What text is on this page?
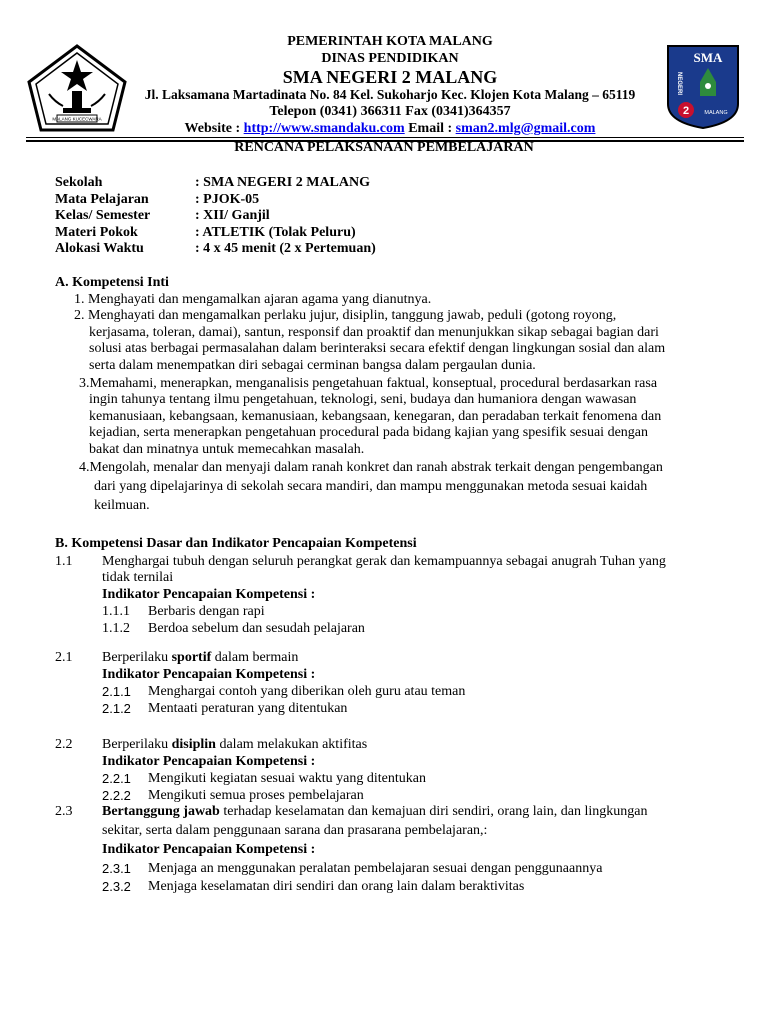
MALANG KUCECWARA
SMA
NEGERI
2	MALANG
PEMERINTAH KOTA MALANG
DINAS PENDIDIKAN
SMA NEGERI 2 MALANG
Jl. Laksamana Martadinata No. 84 Kel. Sukoharjo Kec. Klojen Kota Malang – 65119
Telepon (0341) 366311 Fax (0341)364357
Website : http://www.smandaku.com Email : sman2.mlg@gmail.com
RENCANA PELAKSANAAN PEMBELAJARAN
Sekolah	: SMA NEGERI 2 MALANG
Mata Pelajaran	: PJOK-05
Kelas/ Semester	: XII/ Ganjil
Materi Pokok	: ATLETIK (Tolak Peluru)
Alokasi Waktu	: 4 x 45 menit (2 x Pertemuan)
A. Kompetensi Inti
1. Menghayati dan mengamalkan ajaran agama yang dianutnya.
2. Menghayati dan mengamalkan perlaku jujur, disiplin, tanggung jawab, peduli (gotong royong,
kerjasama, toleran, damai), santun, responsif dan proaktif dan menunjukkan sikap sebagai bagian dari
solusi atas berbagai permasalahan dalam berinteraksi secara efektif dengan lingkungan sosial dan alam
serta dalam menempatkan diri sebagai cerminan bangsa dalam pergaulan dunia.
3.Memahami, menerapkan, menganalisis pengetahuan faktual, konseptual, procedural berdasarkan rasa
ingin tahunya tentang ilmu pengetahuan, teknologi, seni, budaya dan humaniora dengan wawasan
kemanusiaan, kebangsaan, kemanusiaan, kebangsaan, kenegaran, dan peradaban terkait fenomena dan
kejadian, serta menerapkan pengetahuan procedural pada bidang kajian yang spesifik sesuai dengan
bakat dan minatnya untuk memecahkan masalah.
4.Mengolah, menalar dan menyaji dalam ranah konkret dan ranah abstrak terkait dengan pengembangan
dari yang dipelajarinya di sekolah secara mandiri, dan mampu menggunakan metoda sesuai kaidah
keilmuan.
B. Kompetensi Dasar dan Indikator Pencapaian Kompetensi
1.1 Menghargai tubuh dengan seluruh perangkat gerak dan kemampuannya sebagai anugrah Tuhan yang
tidak ternilai
Indikator Pencapaian Kompetensi :
1.1.1 Berbaris dengan rapi
1.1.2 Berdoa sebelum dan sesudah pelajaran
2.1 Berperilaku sportif dalam bermain
Indikator Pencapaian Kompetensi :
2.1.1 Menghargai contoh yang diberikan oleh guru atau teman
2.1.2 Mentaati peraturan yang ditentukan
2.2 Berperilaku disiplin dalam melakukan aktifitas
Indikator Pencapaian Kompetensi :
2.2.1 Mengikuti kegiatan sesuai waktu yang ditentukan
2.2.2 Mengikuti semua proses pembelajaran
2.3 Bertanggung jawab terhadap keselamatan dan kemajuan diri sendiri, orang lain, dan lingkungan
sekitar, serta dalam penggunaan sarana dan prasarana pembelajaran,:
Indikator Pencapaian Kompetensi :
2.3.1 Menjaga an menggunakan peralatan pembelajaran sesuai dengan penggunaannya
2.3.2 Menjaga keselamatan diri sendiri dan orang lain dalam beraktivitas
